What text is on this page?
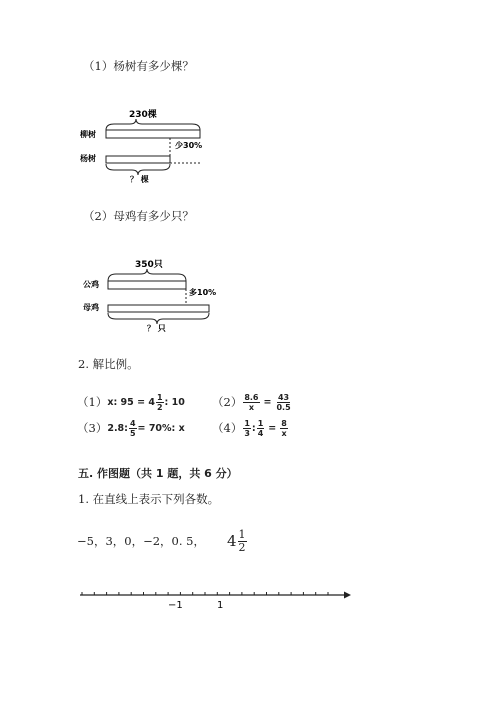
（1）杨树有多少棵？
230棵
柳树
杨树
少30%
？ 棵
（2）母鸡有多少只？
350只
公鸡
母鸡
多10%
？ 只
2. 解比例。
（1） x: $95 = 4 \frac{1}{2}$ : 10 $(2) \frac{8.6}{x} = \frac{43}{0.5}$
（3） 2.8: $\frac{4}{5} = 70\%$: x $(4) \frac{1}{3}$ : $\frac{1}{4} = \frac{8}{x}$
五. 作图题（共 1 题，共 6 分）
1. 在直线上表示下列各数。
−5，3，0，−2，0. 5， $4 \frac{1}{2}$
−1	1
